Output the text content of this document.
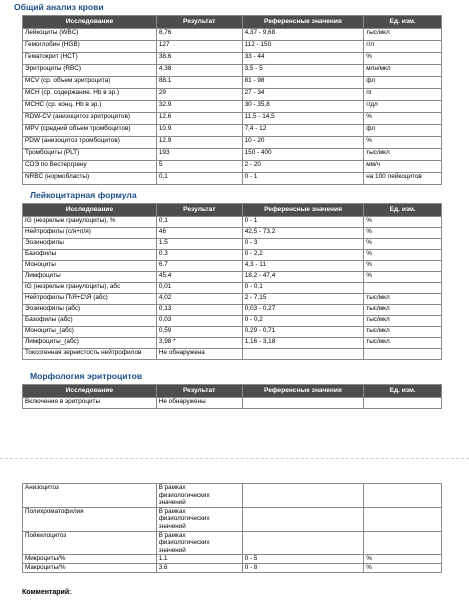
Общий анализ крови
Исследование	Результат	Референсные значения	Ед. изм.
Лейкоциты (WBC)	8,76	4,37 - 9,68	тыс/мкл
Гемоглобин (HGB)	127	112 - 150	г/л
Гематокрит (HCT)	38,6	33 - 44	%
Эритроциты (RBC)	4.38	3,5 - 5	млн/мкл
MCV (ср. объем эритроцита)	88.1	81 - 98	фл
MCH (ср. содержание. Hb в эр.)	29	27 - 34	пг
MCHC (ср. конц. Hb в эр.)	32.9	30 - 35,8	г/дл
RDW-CV (анизоцитоз эритроцитов)	12.6	11,5 - 14,5	%
MPV (средний объем тромбоцитов)	10.9	7,4 - 12	фл
PDW (анизоцитоз тромбоцитов)	12.9	10 - 20	%
Тромбоциты (PLT)	193	150 - 400	тыс/мкл
СОЭ по Вестергрену	5	2 - 20	мм/ч
NRBC (нормобласты)	0,1	0 - 1	на 100 лейкоцитов
Лейкоцитарная формула
Исследование	Результат	Референсные значения	Ед. изм.
IG (незрелые гранулоциты), %	0,1	0 - 1	%
Нейтрофилы (с/я+п/я)	46	42,5 - 73,2	%
Эозинофилы	1.5	0 - 3	%
Базофилы	0.3	0 - 2,2	%
Моноциты	6.7	4,3 - 11	%
Лимфоциты	45.4	18,2 - 47,4	%
IG (незрелые гранулоциты), абс	0,01	0 - 0,1	
Нейтрофилы П\Я+С\Я (абс)	4,02	2 - 7,15	тыс/мкл
Эозинофилы (абс)	0,13	0,03 - 0,27	тыс/мкл
Базофилы (абс)	0,03	0 - 0,2	тыс/мкл
Моноциты_(абс)	0,59	0,29 - 0,71	тыс/мкл
Лимфоциты_(абс)	3,98 *	1,16 - 3,18	тыс/мкл
Токсогенная зернистость нейтрофилов	Не обнаружена		
Морфология эритроцитов
Исследование	Результат	Референсные значения	Ед. изм.
Включения в эритроциты	Не обнаружены		
Анизоцитоз	В рамках физиологических значений		
Полихроматофилия	В рамках физиологических значений		
Пойкилоцитоз	В рамках физиологических значений		
Микроциты/%	1.1	0 - 5	%
Макроциты/%	3.6	0 - 8	%
Комментарий:
